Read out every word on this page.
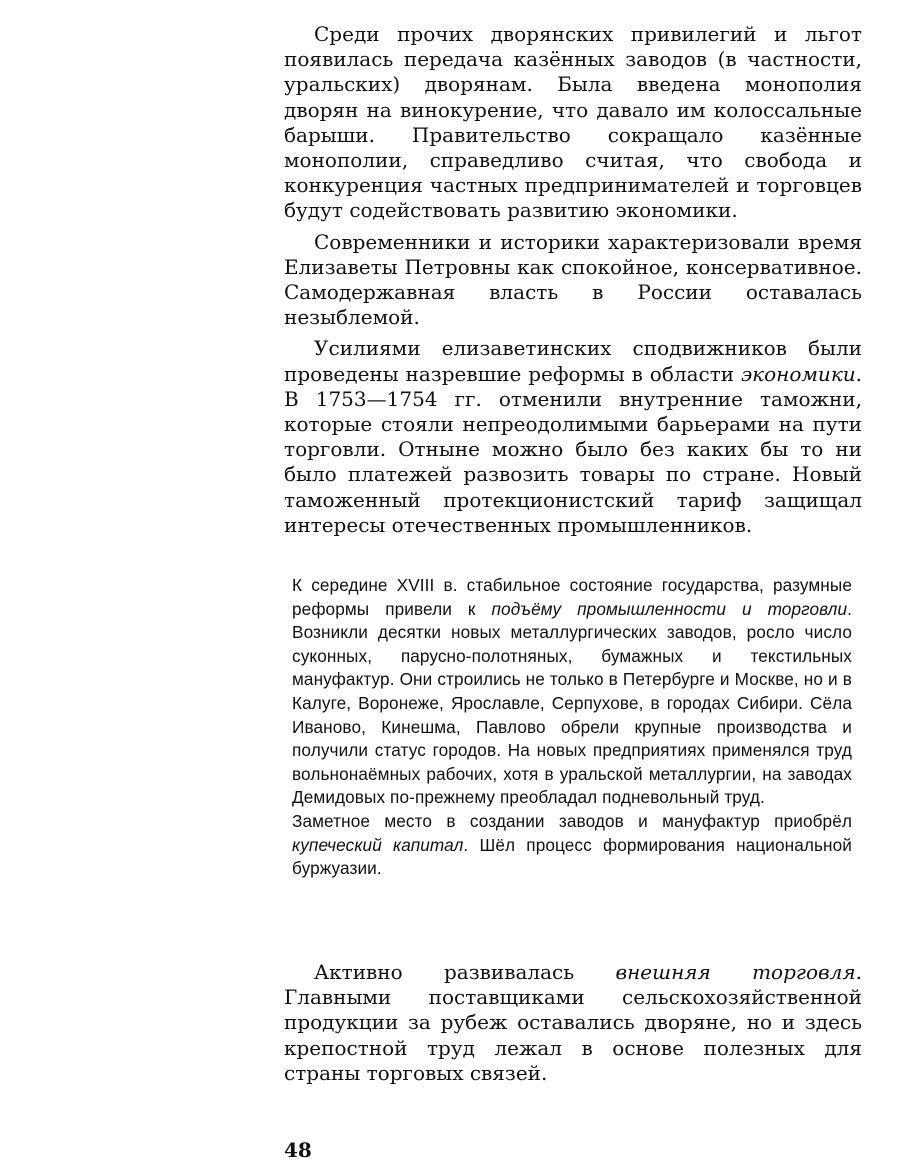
Среди прочих дворянских привилегий и льгот появилась передача казённых заводов (в частности, уральских) дворянам. Была введена монополия дворян на винокурение, что давало им колоссальные барыши. Правительство сокращало казённые монополии, справедливо считая, что свобода и конкуренция частных предпринимателей и торговцев будут содействовать развитию экономики.

Современники и историки характеризовали время Елизаветы Петровны как спокойное, консервативное. Самодержавная власть в России оставалась незыблемой.

Усилиями елизаветинских сподвижников были проведены назревшие реформы в области экономики. В 1753—1754 гг. отменили внутренние таможни, которые стояли непреодолимыми барьерами на пути торговли. Отныне можно было без каких бы то ни было платежей развозить товары по стране. Новый таможенный протекционистский тариф защищал интересы отечественных промышленников.

К середине XVIII в. стабильное состояние государства, разумные реформы привели к подъёму промышленности и торговли. Возникли десятки новых металлургических заводов, росло число суконных, парусно-полотняных, бумажных и текстильных мануфактур. Они строились не только в Петербурге и Москве, но и в Калуге, Воронеже, Ярославле, Серпухове, в городах Сибири. Сёла Иваново, Кинешма, Павлово обрели крупные производства и получили статус городов. На новых предприятиях применялся труд вольнонаёмных рабочих, хотя в уральской металлургии, на заводах Демидовых по-прежнему преобладал подневольный труд.

Заметное место в создании заводов и мануфактур приобрёл купеческий капитал. Шёл процесс формирования национальной буржуазии.

Активно развивалась внешняя торговля. Главными поставщиками сельскохозяйственной продукции за рубеж оставались дворяне, но и здесь крепостной труд лежал в основе полезных для страны торговых связей.

48
